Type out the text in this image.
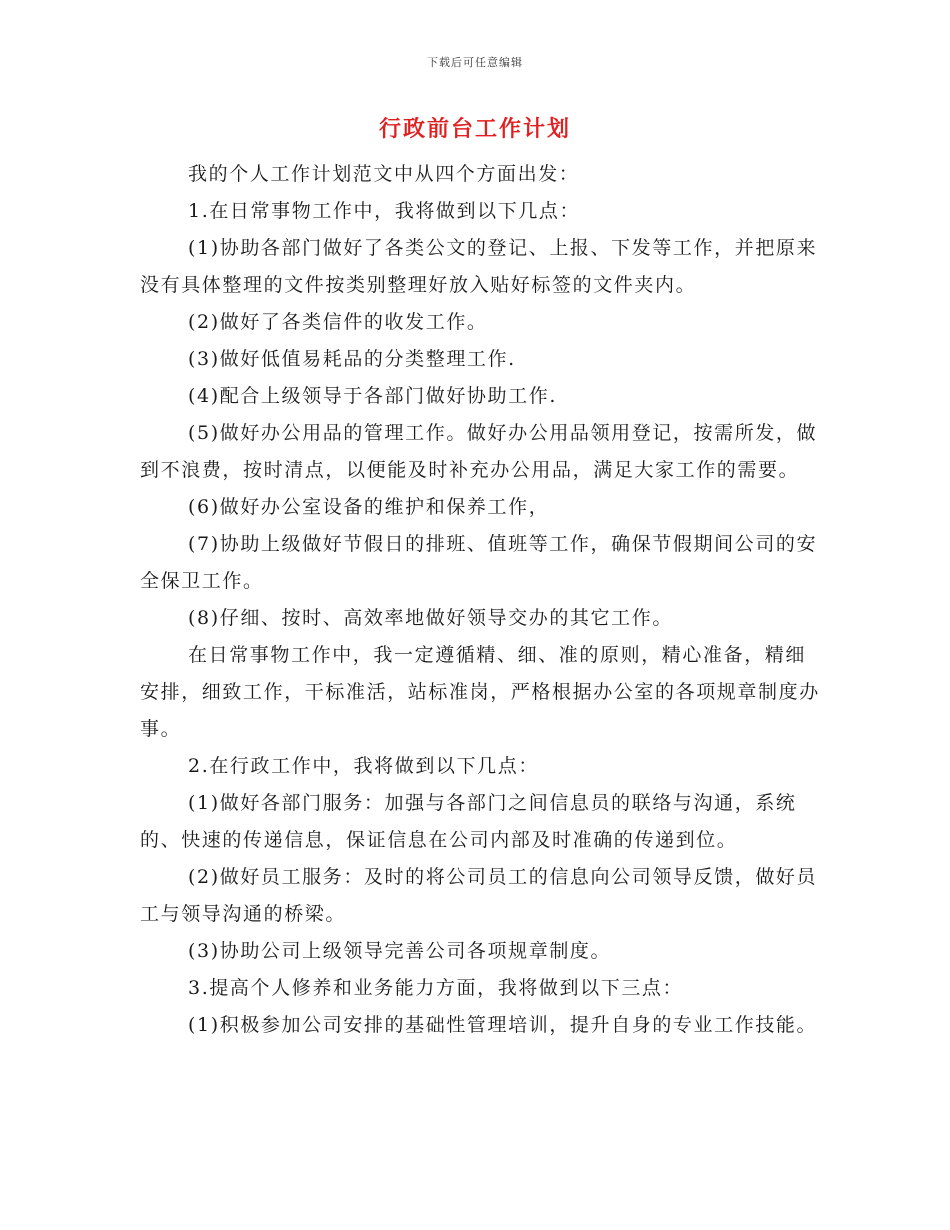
下载后可任意编辑
行政前台工作计划

我的个人工作计划范文中从四个方面出发：

1.在日常事物工作中，我将做到以下几点：

(1)协助各部门做好了各类公文的登记、上报、下发等工作，并把原来没有具体整理的文件按类别整理好放入贴好标签的文件夹内。

(2)做好了各类信件的收发工作。

(3)做好低值易耗品的分类整理工作.

(4)配合上级领导于各部门做好协助工作.

(5)做好办公用品的管理工作。做好办公用品领用登记，按需所发，做到不浪费，按时清点，以便能及时补充办公用品，满足大家工作的需要。

(6)做好办公室设备的维护和保养工作，

(7)协助上级做好节假日的排班、值班等工作，确保节假期间公司的安全保卫工作。

(8)仔细、按时、高效率地做好领导交办的其它工作。

在日常事物工作中，我一定遵循精、细、准的原则，精心准备，精细安排，细致工作，干标准活，站标准岗，严格根据办公室的各项规章制度办事。

2.在行政工作中，我将做到以下几点：

(1)做好各部门服务：加强与各部门之间信息员的联络与沟通，系统的、快速的传递信息，保证信息在公司内部及时准确的传递到位。

(2)做好员工服务：及时的将公司员工的信息向公司领导反馈，做好员工与领导沟通的桥梁。

(3)协助公司上级领导完善公司各项规章制度。

3.提高个人修养和业务能力方面，我将做到以下三点：

(1)积极参加公司安排的基础性管理培训，提升自身的专业工作技能。
